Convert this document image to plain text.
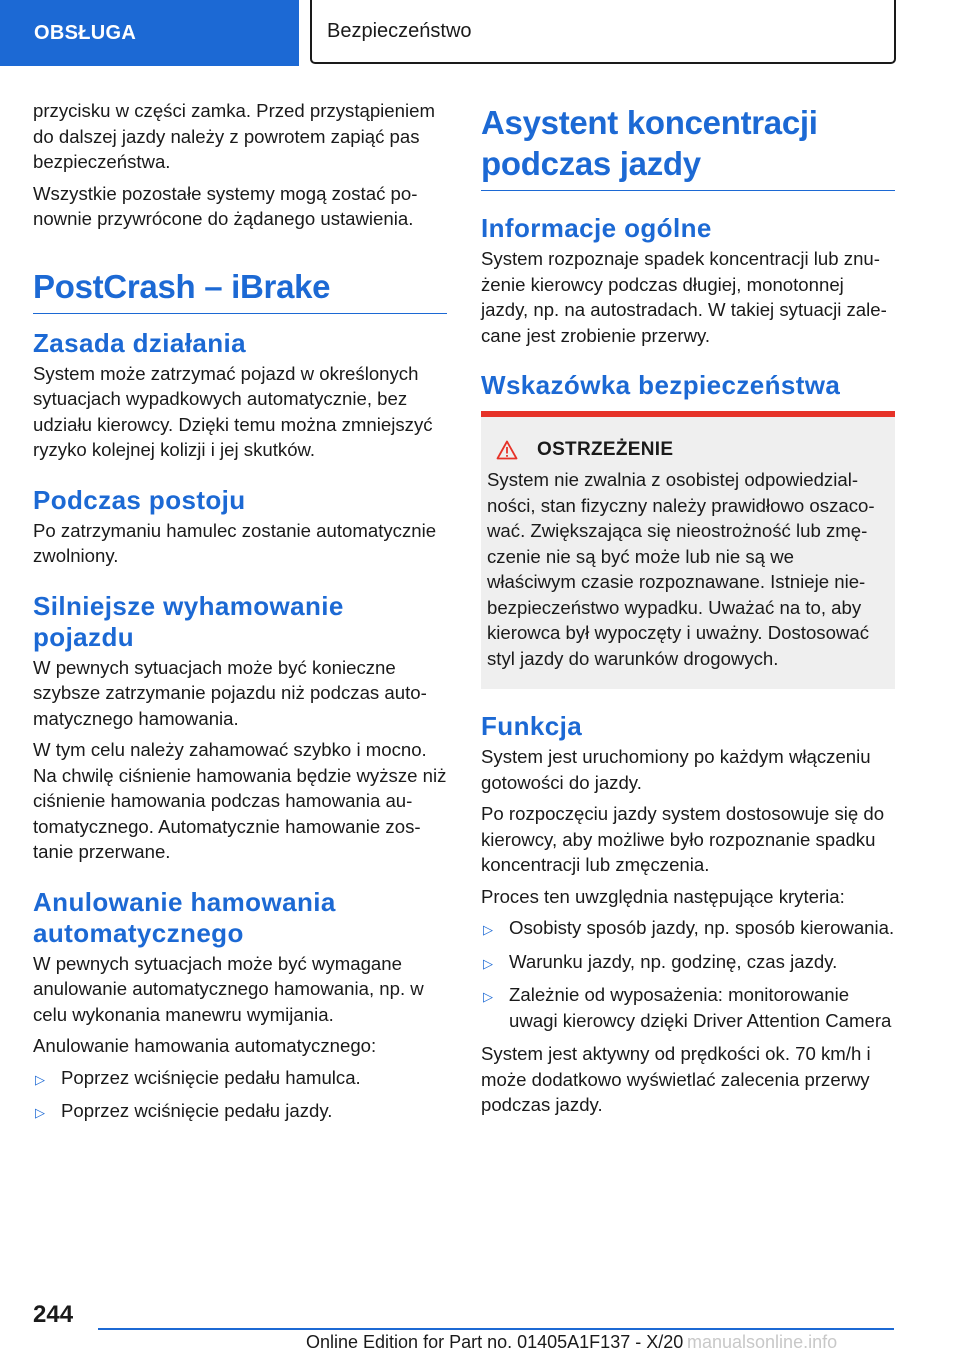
OBSŁUGA	Bezpieczeństwo

przycisku w części zamka. Przed przystąpieniem do dalszej jazdy należy z powrotem zapiąć pas bezpieczeństwa.

Wszystkie pozostałe systemy mogą zostać ponownie przywrócone do żądanego ustawienia.

PostCrash – iBrake
Zasada działania

System może zatrzymać pojazd w określonych sytuacjach wypadkowych automatycznie, bez udziału kierowcy. Dzięki temu można zmniejszyć ryzyko kolejnej kolizji i jej skutków.

Podczas postoju

Po zatrzymaniu hamulec zostanie automatycznie zwolniony.

Silniejsze wyhamowanie pojazdu

W pewnych sytuacjach może być konieczne szybsze zatrzymanie pojazdu niż podczas automatycznego hamowania.

W tym celu należy zahamować szybko i mocno. Na chwilę ciśnienie hamowania będzie wyższe niż ciśnienie hamowania podczas hamowania automatycznego. Automatycznie hamowanie zostanie przerwane.

Anulowanie hamowania automatycznego

W pewnych sytuacjach może być wymagane anulowanie automatycznego hamowania, np. w celu wykonania manewru wymijania.

Anulowanie hamowania automatycznego:

▷ Poprzez wciśnięcie pedału hamulca.
▷ Poprzez wciśnięcie pedału jazdy.
Asystent koncentracji podczas jazdy
Informacje ogólne

System rozpoznaje spadek koncentracji lub znużenie kierowcy podczas długiej, monotonnej jazdy, np. na autostradach. W takiej sytuacji zalecane jest zrobienie przerwy.

Wskazówka bezpieczeństwa
OSTRZEŻENIE

System nie zwalnia z osobistej odpowiedzialności, stan fizyczny należy prawidłowo oszacować. Zwiększająca się nieostrożność lub zmęczenie nie są być może lub nie są we właściwym czasie rozpoznawane. Istnieje niebezpieczeństwo wypadku. Uważać na to, aby kierowca był wypoczęty i uważny. Dostosować styl jazdy do warunków drogowych.

Funkcja

System jest uruchomiony po każdym włączeniu gotowości do jazdy.

Po rozpoczęciu jazdy system dostosowuje się do kierowcy, aby możliwe było rozpoznanie spadku koncentracji lub zmęczenia.

Proces ten uwzględnia następujące kryteria:

▷ Osobisty sposób jazdy, np. sposób kierowania.
▷ Warunku jazdy, np. godzinę, czas jazdy.
▷ Zależnie od wyposażenia: monitorowanie uwagi kierowcy dzięki Driver Attention Camera

System jest aktywny od prędkości ok. 70 km/h i może dodatkowo wyświetlać zalecenia przerwy podczas jazdy.

244
Online Edition for Part no. 01405A1F137 - X/20 manualsonline.info
